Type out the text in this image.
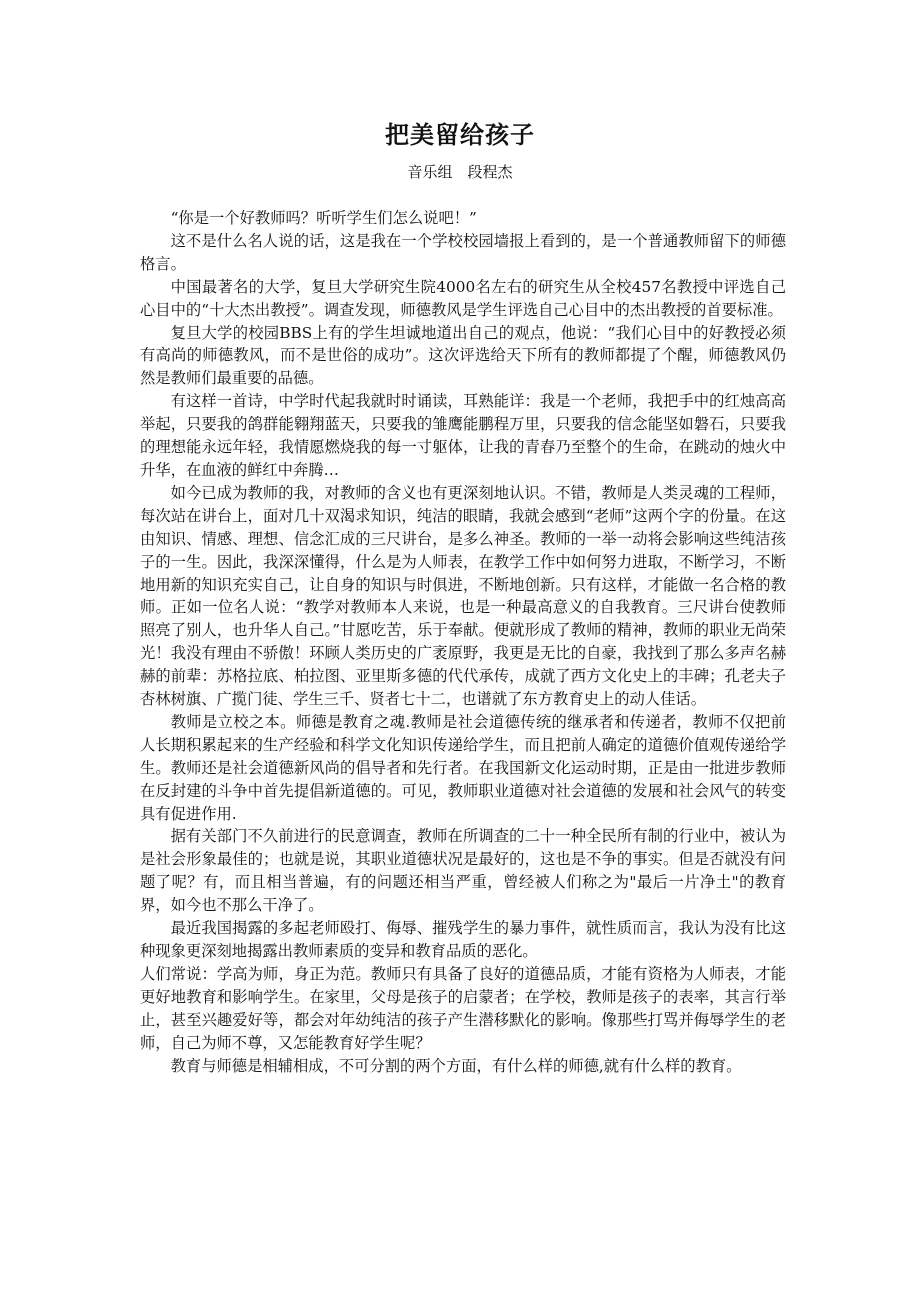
把美留给孩子
音乐组　段程杰

“你是一个好教师吗？听听学生们怎么说吧！”

这不是什么名人说的话，这是我在一个学校校园墙报上看到的，是一个普通教师留下的师德格言。

中国最著名的大学，复旦大学研究生院4000名左右的研究生从全校457名教授中评选自己心目中的“十大杰出教授”。调查发现，师德教风是学生评选自己心目中的杰出教授的首要标准。

复旦大学的校园BBS上有的学生坦诚地道出自己的观点，他说：“我们心目中的好教授必须有高尚的师德教风，而不是世俗的成功”。这次评选给天下所有的教师都提了个醒，师德教风仍然是教师们最重要的品德。

有这样一首诗，中学时代起我就时时诵读，耳熟能详：我是一个老师，我把手中的红烛高高举起，只要我的鸽群能翱翔蓝天，只要我的雏鹰能鹏程万里，只要我的信念能坚如磐石，只要我的理想能永远年轻，我情愿燃烧我的每一寸躯体，让我的青春乃至整个的生命，在跳动的烛火中升华，在血液的鲜红中奔腾…

如今已成为教师的我，对教师的含义也有更深刻地认识。不错，教师是人类灵魂的工程师，每次站在讲台上，面对几十双渴求知识，纯洁的眼睛，我就会感到“老师”这两个字的份量。在这由知识、情感、理想、信念汇成的三尺讲台，是多么神圣。教师的一举一动将会影响这些纯洁孩子的一生。因此，我深深懂得，什么是为人师表，在教学工作中如何努力进取，不断学习，不断地用新的知识充实自己，让自身的知识与时俱进，不断地创新。只有这样，才能做一名合格的教师。正如一位名人说：“教学对教师本人来说，也是一种最高意义的自我教育。三尺讲台使教师照亮了别人，也升华人自己。”甘愿吃苦，乐于奉献。便就形成了教师的精神，教师的职业无尚荣光！我没有理由不骄傲！环顾人类历史的广袤原野，我更是无比的自豪，我找到了那么多声名赫赫的前辈：苏格拉底、柏拉图、亚里斯多德的代代承传，成就了西方文化史上的丰碑；孔老夫子杏林树旗、广揽门徒、学生三千、贤者七十二，也谱就了东方教育史上的动人佳话。

教师是立校之本。师德是教育之魂.教师是社会道德传统的继承者和传递者，教师不仅把前人长期积累起来的生产经验和科学文化知识传递给学生，而且把前人确定的道德价值观传递给学生。教师还是社会道德新风尚的倡导者和先行者。在我国新文化运动时期，正是由一批进步教师在反封建的斗争中首先提倡新道德的。可见，教师职业道德对社会道德的发展和社会风气的转变具有促进作用.

据有关部门不久前进行的民意调查，教师在所调查的二十一种全民所有制的行业中，被认为是社会形象最佳的；也就是说，其职业道德状况是最好的，这也是不争的事实。但是否就没有问题了呢？有，而且相当普遍，有的问题还相当严重，曾经被人们称之为"最后一片净土"的教育界，如今也不那么干净了。

最近我国揭露的多起老师殴打、侮辱、摧残学生的暴力事件，就性质而言，我认为没有比这种现象更深刻地揭露出教师素质的变异和教育品质的恶化。

人们常说：学高为师，身正为范。教师只有具备了良好的道德品质，才能有资格为人师表，才能更好地教育和影响学生。在家里，父母是孩子的启蒙者；在学校，教师是孩子的表率，其言行举止，甚至兴趣爱好等，都会对年幼纯洁的孩子产生潜移默化的影响。像那些打骂并侮辱学生的老师，自己为师不尊，又怎能教育好学生呢？

教育与师德是相辅相成，不可分割的两个方面，有什么样的师德,就有什么样的教育。
